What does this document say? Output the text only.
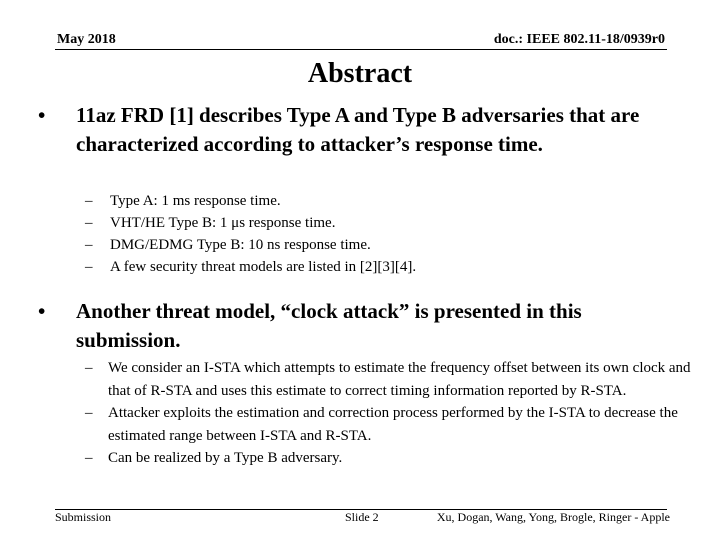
May 2018	doc.: IEEE 802.11-18/0939r0
Abstract
• 11az FRD [1] describes Type A and Type B adversaries that are characterized according to attacker’s response time.
– Type A: 1 ms response time.
– VHT/HE Type B: 1 μs response time.
– DMG/EDMG Type B: 10 ns response time.
– A few security threat models are listed in [2][3][4].
• Another threat model, “clock attack” is presented in this submission.
– We consider an I-STA which attempts to estimate the frequency offset between its own clock and that of R-STA and uses this estimate to correct timing information reported by R-STA.
– Attacker exploits the estimation and correction process performed by the I-STA to decrease the estimated range between I-STA and R-STA.
– Can be realized by a Type B adversary.
Submission	Slide 2	Xu, Dogan, Wang, Yong, Brogle, Ringer - Apple
